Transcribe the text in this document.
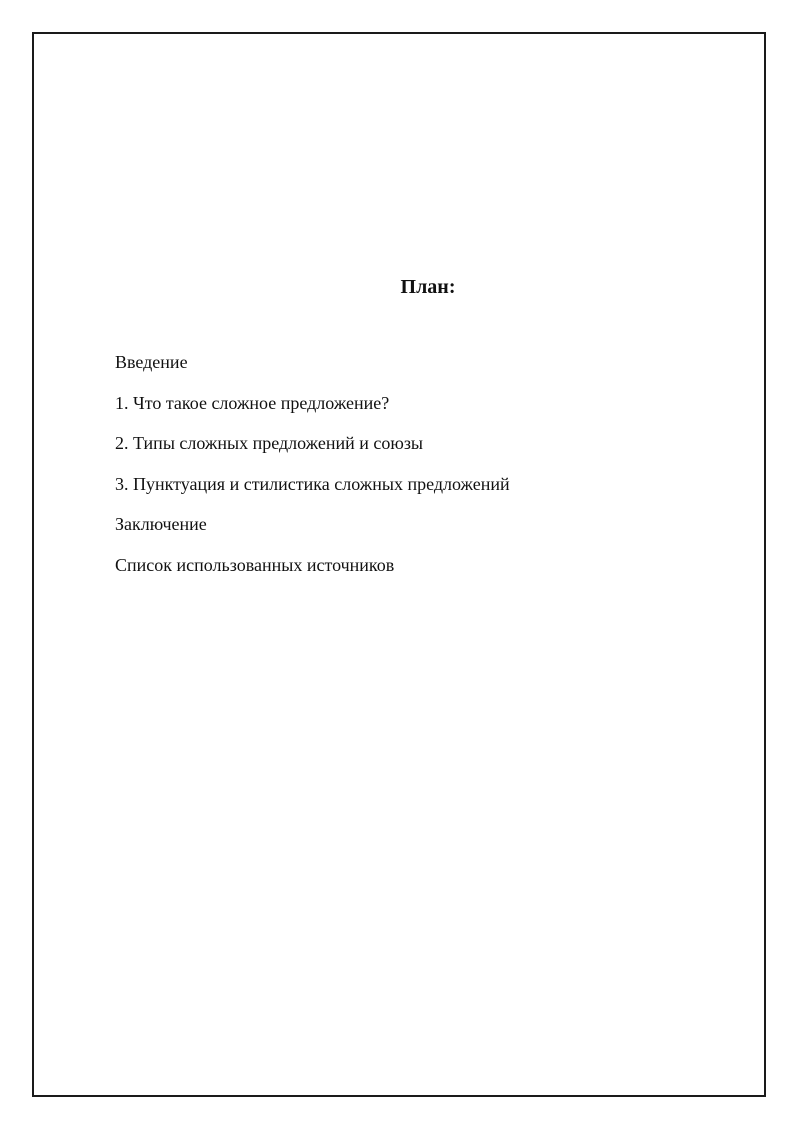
План:
Введение
1. Что такое сложное предложение?
2. Типы сложных предложений и союзы
3. Пунктуация и стилистика сложных предложений
Заключение
Список использованных источников
